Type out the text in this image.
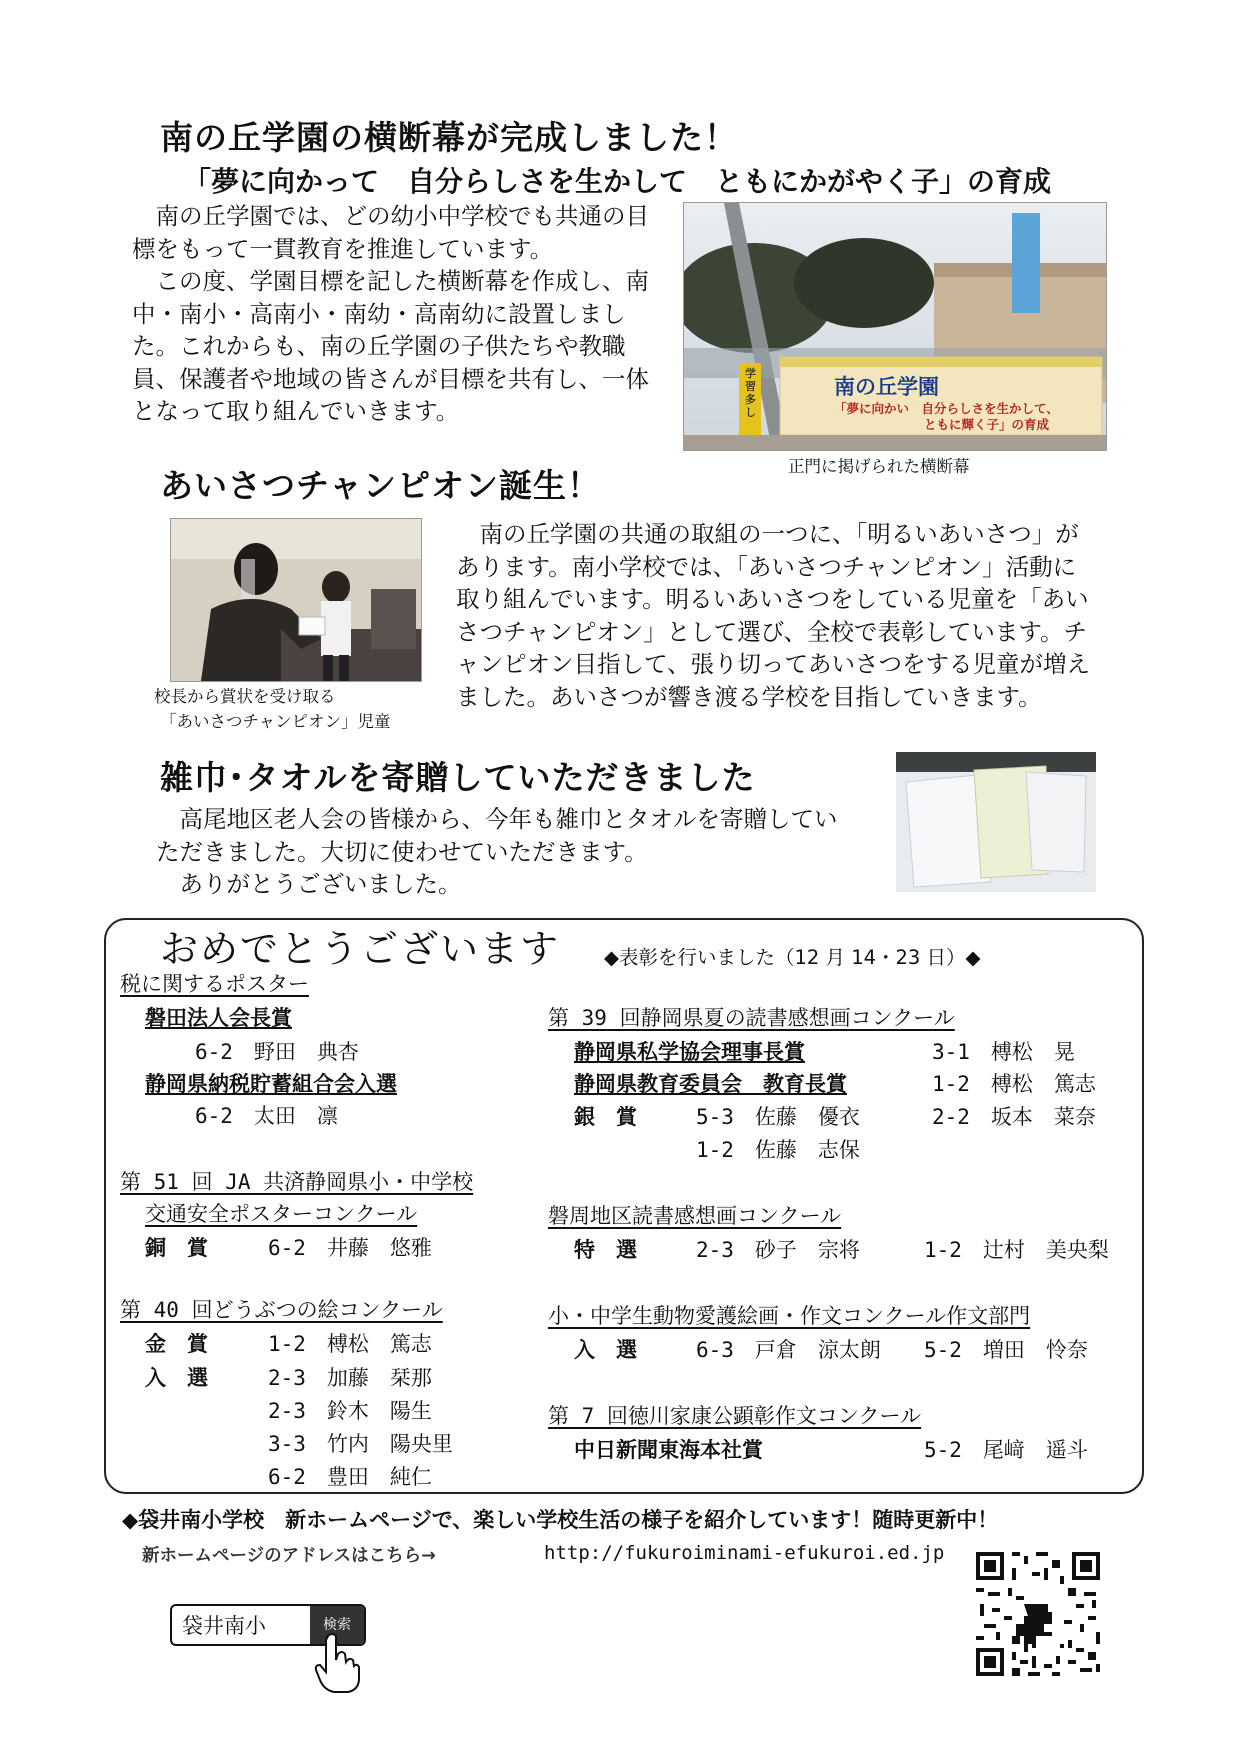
南の丘学園の横断幕が完成しました！
「夢に向かって　自分らしさを生かして　ともにかがやく子」の育成

　南の丘学園では、どの幼小中学校でも共通の目標をもって一貫教育を推進しています。

　この度、学園目標を記した横断幕を作成し、南中・南小・高南小・南幼・高南幼に設置しました。これからも、南の丘学園の子供たちや教職員、保護者や地域の皆さんが目標を共有し、一体となって取り組んでいきます。

学習多し
南の丘学園
「夢に向かい　自分らしさを生かして、
ともに輝く子」の育成
正門に掲げられた横断幕
あいさつチャンピオン誕生！
校長から賞状を受け取る
「あいさつチャンピオン」児童

　南の丘学園の共通の取組の一つに、「明るいあいさつ」があります。南小学校では、「あいさつチャンピオン」活動に取り組んでいます。明るいあいさつをしている児童を「あいさつチャンピオン」として選び、全校で表彰しています。チャンピオン目指して、張り切ってあいさつをする児童が増えました。あいさつが響き渡る学校を目指していきます。

雑巾･タオルを寄贈していただきました

　高尾地区老人会の皆様から、今年も雑巾とタオルを寄贈していただきました。大切に使わせていただきます。

　ありがとうございました。

おめでとうございます ◆表彰を行いました（12 月 14・23 日）◆
税に関するポスター
磐田法人会長賞
6-2　野田　典杏
静岡県納税貯蓄組合会入選
6-2　太田　凛
第 51 回 JA 共済静岡県小・中学校
交通安全ポスターコンクール
銅　賞	6-2　井藤　悠雅
第 40 回どうぶつの絵コンクール
金　賞	1-2　榑松　篤志
入　選	2-3　加藤　栞那
2-3　鈴木　陽生
3-3　竹内　陽央里
6-2　豊田　純仁
第 39 回静岡県夏の読書感想画コンクール
静岡県私学協会理事長賞	3-1　榑松　晃
静岡県教育委員会　教育長賞	1-2　榑松　篤志
銀　賞	5-3　佐藤　優衣	2-2　坂本　菜奈
1-2　佐藤　志保
磐周地区読書感想画コンクール
特　選	2-3　砂子　宗将	1-2　辻村　美央梨
小・中学生動物愛護絵画・作文コンクール作文部門
入　選	6-3　戸倉　涼太朗 5-2　増田　怜奈
第 7 回徳川家康公顕彰作文コンクール
中日新聞東海本社賞	5-2　尾﨑　遥斗
◆袋井南小学校　新ホームページで、楽しい学校生活の様子を紹介しています！随時更新中！
新ホームページのアドレスはこちら→	http://fukuroiminami-efukuroi.ed.jp
袋井南小	検索
